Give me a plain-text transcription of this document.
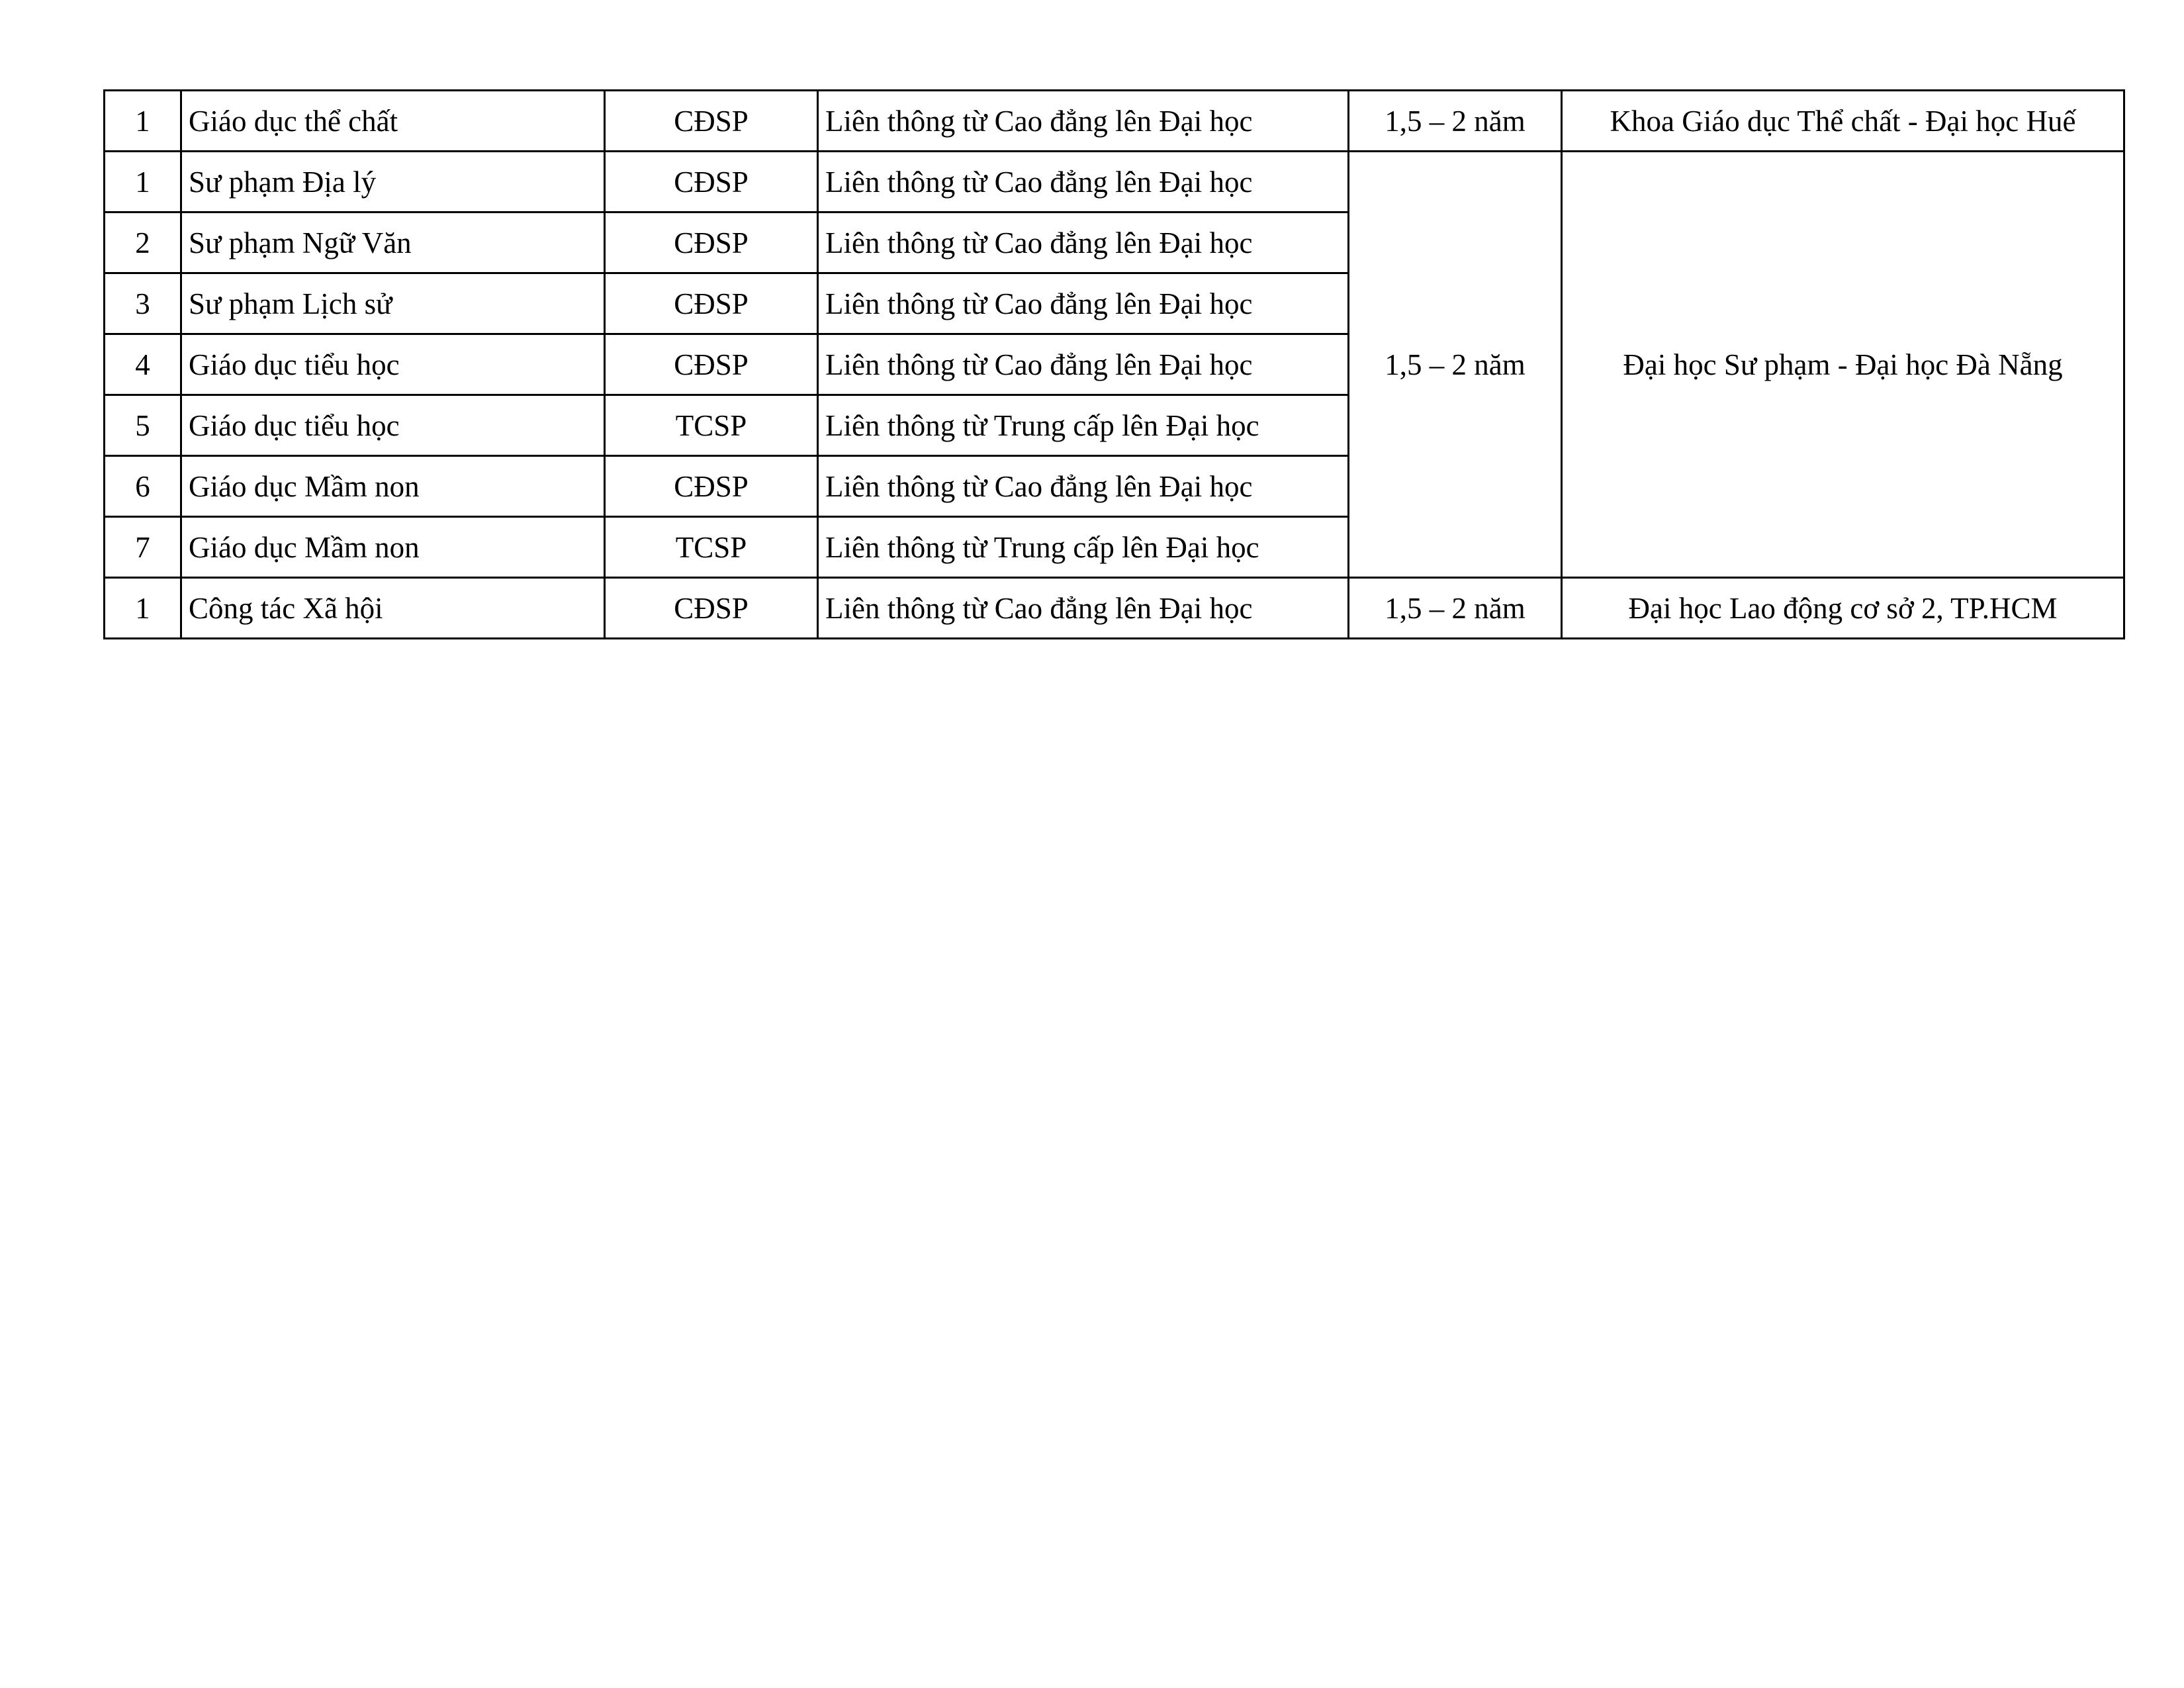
1	Giáo dục thể chất	CĐSP	Liên thông từ Cao đẳng lên Đại học	1,5 – 2 năm	Khoa Giáo dục Thể chất - Đại học Huế
1	Sư phạm Địa lý	CĐSP	Liên thông từ Cao đẳng lên Đại học	1,5 – 2 năm	Đại học Sư phạm - Đại học Đà Nẵng
2	Sư phạm Ngữ Văn	CĐSP	Liên thông từ Cao đẳng lên Đại học		
3	Sư phạm Lịch sử	CĐSP	Liên thông từ Cao đẳng lên Đại học		
4	Giáo dục tiểu học	CĐSP	Liên thông từ Cao đẳng lên Đại học		
5	Giáo dục tiểu học	TCSP	Liên thông từ Trung cấp lên Đại học		
6	Giáo dục Mầm non	CĐSP	Liên thông từ Cao đẳng lên Đại học		
7	Giáo dục Mầm non	TCSP	Liên thông từ Trung cấp lên Đại học		
1	Công tác Xã hội	CĐSP	Liên thông từ Cao đẳng lên Đại học	1,5 – 2 năm	Đại học Lao động cơ sở 2, TP.HCM
